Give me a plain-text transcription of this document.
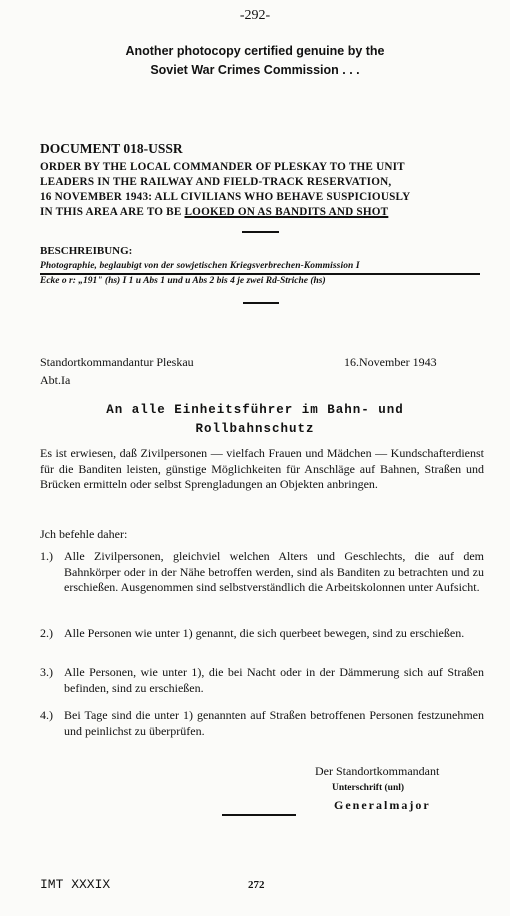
-292-
Another photocopy certified genuine by the
Soviet War Crimes Commission . . .
DOCUMENT 018-USSR
ORDER BY THE LOCAL COMMANDER OF PLESKAY TO THE UNIT
LEADERS IN THE RAILWAY AND FIELD-TRACK RESERVATION,
16 NOVEMBER 1943: ALL CIVILIANS WHO BEHAVE SUSPICIOUSLY
IN THIS AREA ARE TO BE LOOKED ON AS BANDITS AND SHOT
BESCHREIBUNG:
Photographie, beglaubigt von der sowjetischen Kriegsverbrechen-Kommission I
Ecke o r: „191" (hs) I 1 u Abs 1 und u Abs 2 bis 4 je zwei Rd-Striche (hs)
Standortkommandantur Pleskau	16.November 1943
Abt.Ia
An alle Einheitsführer im Bahn- und
Rollbahnschutz
Es ist erwiesen, daß Zivilpersonen — vielfach Frauen und Mädchen — Kundschafterdienst für die Banditen leisten, günstige Möglichkeiten für Anschläge auf Bahnen, Straßen und Brücken ermitteln oder selbst Sprengladungen an Objekten anbringen.
Jch befehle daher:
1.) Alle Zivilpersonen, gleichviel welchen Alters und Geschlechts, die auf dem Bahnkörper oder in der Nähe betroffen werden, sind als Banditen zu betrachten und zu erschießen. Ausgenommen sind selbstverständlich die Arbeitskolonnen unter Aufsicht.
2.) Alle Personen wie unter 1) genannt, die sich querbeet bewegen, sind zu erschießen.
3.) Alle Personen, wie unter 1), die bei Nacht oder in der Dämmerung sich auf Straßen befinden, sind zu erschießen.
4.) Bei Tage sind die unter 1) genannten auf Straßen betroffenen Personen festzunehmen und peinlichst zu überprüfen.
Der Standortkommandant
Unterschrift (unl)
Generalmajor
IMT XXXIX	272
